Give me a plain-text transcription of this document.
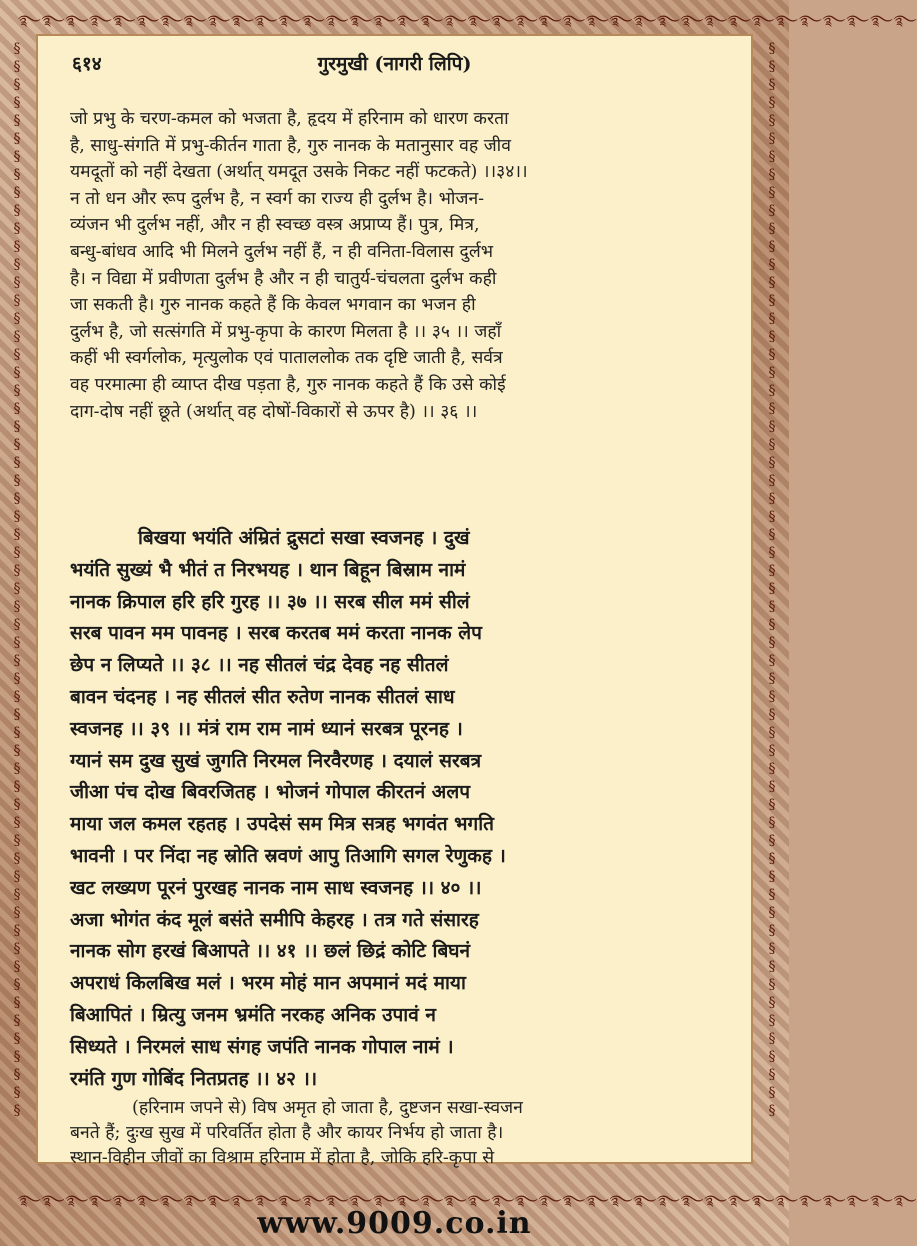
࿐࿐࿐࿐࿐࿐࿐࿐࿐࿐࿐࿐࿐࿐࿐࿐࿐࿐࿐࿐࿐࿐࿐࿐࿐࿐࿐࿐࿐࿐࿐࿐࿐࿐࿐࿐࿐࿐
§
§
§
§
§
§
§
§
§
§
§
§
§
§
§
§
§
§
§
§
§
§
§
§
§
§
§
§
§
§
§
§
§
§
§
§
§
§
§
§
§
§
§
§
§
§
§
§
§
§
§
§
§
§
§
§
§
§
§
§
§
§
§
§
§
§
§
§
§
§
§
§
§
§
§
§
§
§
§
§
§
§
§
§
§
§
§
§
§
§
§
§
§
§
§
§
§
§
§
§
§
§
§
§
§
§
§
§
§
§
§
§
§
§
§
§
§
§
§
§
࿐࿐࿐࿐࿐࿐࿐࿐࿐࿐࿐࿐࿐࿐࿐࿐࿐࿐࿐࿐࿐࿐࿐࿐࿐࿐࿐࿐࿐࿐࿐࿐࿐࿐࿐࿐࿐࿐
६१४	गुरमुखी (नागरी लिपि)

जो प्रभु के चरण-कमल को भजता है, हृदय में हरिनाम को धारण करता

है, साधु-संगति में प्रभु-कीर्तन गाता है, गुरु नानक के मतानुसार वह जीव

यमदूतों को नहीं देखता (अर्थात् यमदूत उसके निकट नहीं फटकते) ।।३४।।

न तो धन और रूप दुर्लभ है, न स्वर्ग का राज्य ही दुर्लभ है। भोजन-

व्यंजन भी दुर्लभ नहीं, और न ही स्वच्छ वस्त्र अप्राप्य हैं। पुत्र, मित्र,

बन्धु-बांधव आदि भी मिलने दुर्लभ नहीं हैं, न ही वनिता-विलास दुर्लभ

है। न विद्या में प्रवीणता दुर्लभ है और न ही चातुर्य-चंचलता दुर्लभ कही

जा सकती है। गुरु नानक कहते हैं कि केवल भगवान का भजन ही

दुर्लभ है, जो सत्संगति में प्रभु-कृपा के कारण मिलता है ।। ३५ ।। जहाँ

कहीं भी स्वर्गलोक, मृत्युलोक एवं पाताललोक तक दृष्टि जाती है, सर्वत्र

वह परमात्मा ही व्याप्त दीख पड़ता है, गुरु नानक कहते हैं कि उसे कोई

दाग-दोष नहीं छूते (अर्थात् वह दोषों-विकारों से ऊपर है) ।। ३६ ।।

बिखया भयंति अंम्रितं द्रुसटां सखा स्वजनह । दुखं

भयंति सुख्यं भै भीतं त निरभयह । थान बिहून बिस्राम नामं

नानक क्रिपाल हरि हरि गुरह ।। ३७ ।। सरब सील ममं सीलं

सरब पावन मम पावनह । सरब करतब ममं करता नानक लेप

छेप न लिप्यते ।। ३८ ।। नह सीतलं चंद्र देवह नह सीतलं

बावन चंदनह । नह सीतलं सीत रुतेण नानक सीतलं साध

स्वजनह ।। ३९ ।। मंत्रं राम राम नामं ध्यानं सरबत्र पूरनह ।

ग्यानं सम दुख सुखं जुगति निरमल निरवैरणह । दयालं सरबत्र

जीआ पंच दोख बिवरजितह । भोजनं गोपाल कीरतनं अलप

माया जल कमल रहतह । उपदेसं सम मित्र सत्रह भगवंत भगति

भावनी । पर निंदा नह स्रोति स्रवणं आपु तिआगि सगल रेणुकह ।

खट लख्यण पूरनं पुरखह नानक नाम साध स्वजनह ।। ४० ।।

अजा भोगंत कंद मूलं बसंते समीपि केहरह । तत्र गते संसारह

नानक सोग हरखं बिआपते ।। ४१ ।। छलं छिद्रं कोटि बिघनं

अपराधं किलबिख मलं । भरम मोहं मान अपमानं मदं माया

बिआपितं । म्रित्यु जनम भ्रमंति नरकह अनिक उपावं न

सिध्यते । निरमलं साध संगह जपंति नानक गोपाल नामं ।

रमंति गुण गोबिंद नितप्रतह ।। ४२ ।।

(हरिनाम जपने से) विष अमृत हो जाता है, दुष्टजन सखा-स्वजन

बनते हैं; दुःख सुख में परिवर्तित होता है और कायर निर्भय हो जाता है।

स्थान-विहीन जीवों का विश्राम हरिनाम में होता है, जोकि हरि-कृपा से

www.9009.co.in
